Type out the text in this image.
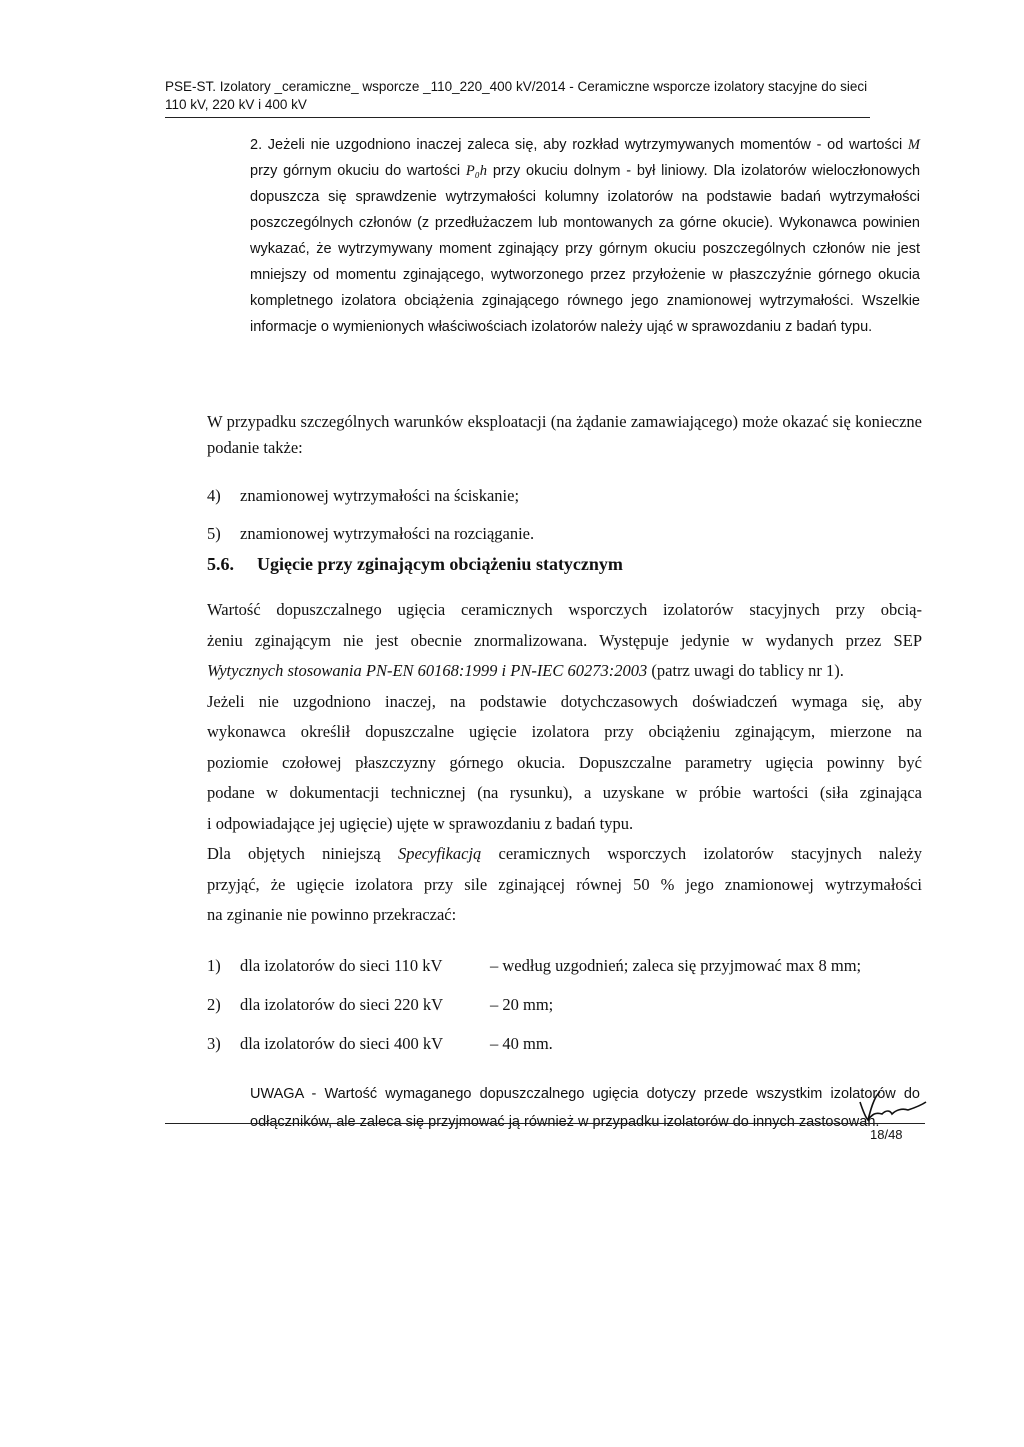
PSE-ST. Izolatory _ceramiczne_ wsporcze _110_220_400 kV/2014 - Ceramiczne wsporcze izolatory stacyjne do sieci
110 kV, 220 kV i 400 kV
2. Jeżeli nie uzgodniono inaczej zaleca się, aby rozkład wytrzymywanych momentów - od wartości M przy górnym okuciu do wartości P₀h przy okuciu dolnym - był liniowy. Dla izolatorów wieloczłonowych dopuszcza się sprawdzenie wytrzymałości kolumny izolatorów na podstawie badań wytrzymałości poszczególnych członów (z przedłużaczem lub montowanych za górne okucie). Wykonawca powinien wykazać, że wytrzymywany moment zginający przy górnym okuciu poszczególnych członów nie jest mniejszy od momentu zginającego, wytworzonego przez przyłożenie w płaszczyźnie górnego okucia kompletnego izolatora obciążenia zginającego równego jego znamionowej wytrzymałości. Wszelkie informacje o wymienionych właściwościach izolatorów należy ująć w sprawozdaniu z badań typu.
W przypadku szczególnych warunków eksploatacji (na żądanie zamawiającego) może okazać się konieczne podanie także:
4) znamionowej wytrzymałości na ściskanie;
5) znamionowej wytrzymałości na rozciąganie.
5.6. Ugięcie przy zginającym obciążeniu statycznym
Wartość dopuszczalnego ugięcia ceramicznych wsporczych izolatorów stacyjnych przy obcią-
żeniu zginającym nie jest obecnie znormalizowana. Występuje jedynie w wydanych przez SEP
Wytycznych stosowania PN-EN 60168:1999 i PN-IEC 60273:2003 (patrz uwagi do tablicy nr 1).
Jeżeli nie uzgodniono inaczej, na podstawie dotychczasowych doświadczeń wymaga się, aby
wykonawca określił dopuszczalne ugięcie izolatora przy obciążeniu zginającym, mierzone na
poziomie czołowej płaszczyzny górnego okucia. Dopuszczalne parametry ugięcia powinny być
podane w dokumentacji technicznej (na rysunku), a uzyskane w próbie wartości (siła zginająca
i odpowiadające jej ugięcie) ujęte w sprawozdaniu z badań typu.
Dla objętych niniejszą Specyfikacją ceramicznych wsporczych izolatorów stacyjnych należy
przyjąć, że ugięcie izolatora przy sile zginającej równej 50 % jego znamionowej wytrzymałości
na zginanie nie powinno przekraczać:
1) dla izolatorów do sieci 110 kV	– według uzgodnień; zaleca się przyjmować max 8 mm;
2) dla izolatorów do sieci 220 kV	– 20 mm;
3) dla izolatorów do sieci 400 kV	– 40 mm.
UWAGA - Wartość wymaganego dopuszczalnego ugięcia dotyczy przede wszystkim izolatorów do odłączników, ale zaleca się przyjmować ją również w przypadku izolatorów do innych zastosowań.
18/48
